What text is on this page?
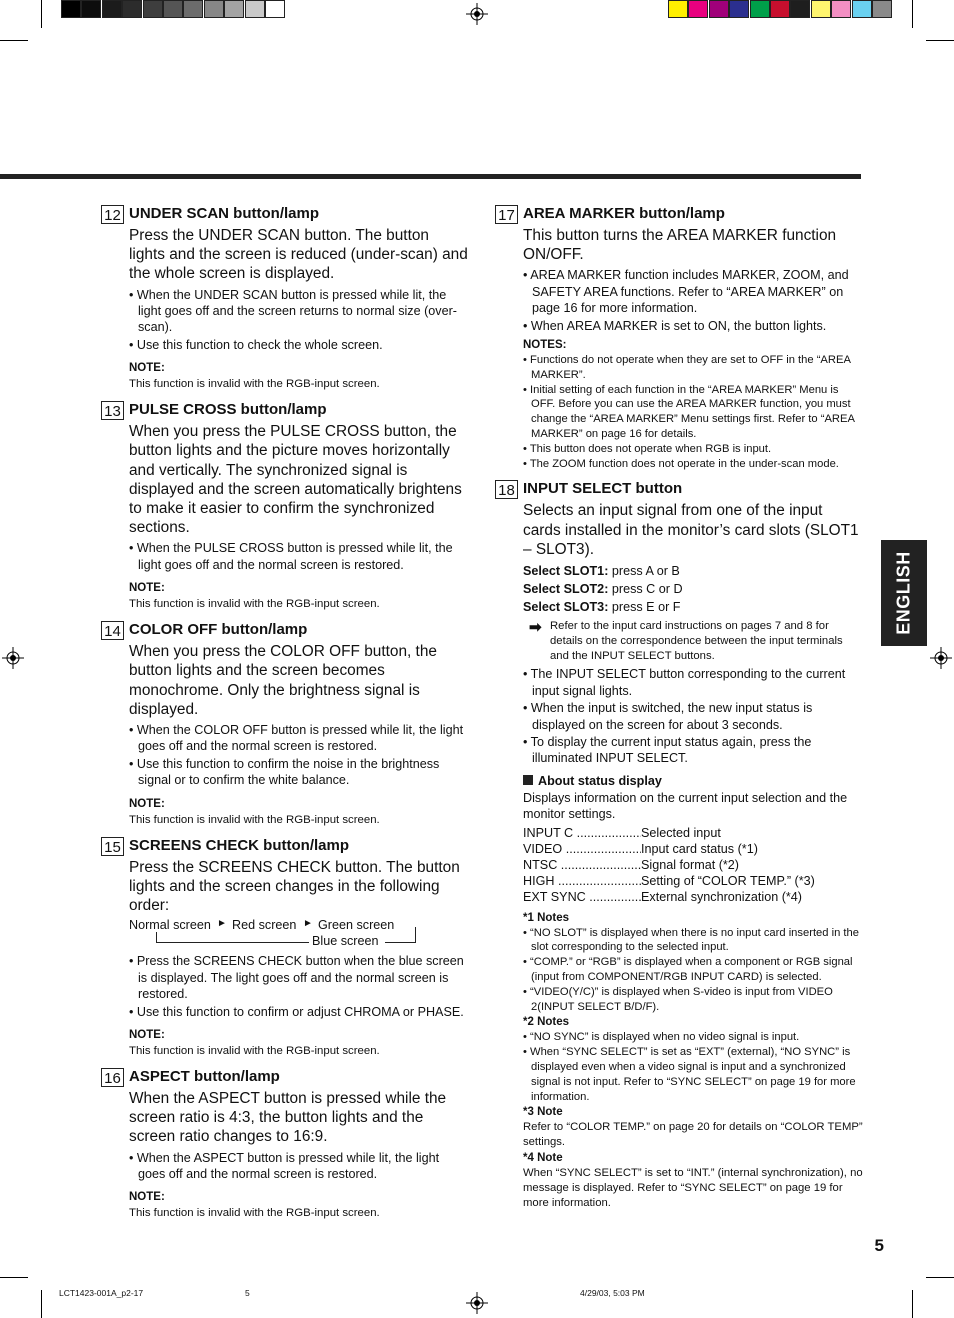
12 UNDER SCAN button/lamp

Press the UNDER SCAN button. The button lights and the screen is reduced (under-scan) and the whole screen is displayed.

• When the UNDER SCAN button is pressed while lit, the light goes off and the screen returns to normal size (over-scan).

• Use this function to check the whole screen.

NOTE:

This function is invalid with the RGB-input screen.

13 PULSE CROSS button/lamp

When you press the PULSE CROSS button, the button lights and the picture moves horizontally and vertically. The synchronized signal is displayed and the screen automatically brightens to make it easier to confirm the synchronized sections.

• When the PULSE CROSS button is pressed while lit, the light goes off and the normal screen is restored.

NOTE:

This function is invalid with the RGB-input screen.

14 COLOR OFF button/lamp

When you press the COLOR OFF button, the button lights and the screen becomes monochrome. Only the brightness signal is displayed.

• When the COLOR OFF button is pressed while lit, the light goes off and the normal screen is restored.

• Use this function to confirm the noise in the brightness signal or to confirm the white balance.

NOTE:

This function is invalid with the RGB-input screen.

15 SCREENS CHECK button/lamp

Press the SCREENS CHECK button. The button lights and the screen changes in the following order:

Normal screen ► Red screen ► Green screen
Blue screen

• Press the SCREENS CHECK button when the blue screen is displayed. The light goes off and the normal screen is restored.

• Use this function to confirm or adjust CHROMA or PHASE.

NOTE:

This function is invalid with the RGB-input screen.

16 ASPECT button/lamp

When the ASPECT button is pressed while the screen ratio is 4:3, the button lights and the screen ratio changes to 16:9.

• When the ASPECT button is pressed while lit, the light goes off and the normal screen is restored.

NOTE:

This function is invalid with the RGB-input screen.

17 AREA MARKER button/lamp

This button turns the AREA MARKER function ON/OFF.

• AREA MARKER function includes MARKER, ZOOM, and SAFETY AREA functions. Refer to “AREA MARKER” on page 16 for more information.

• When AREA MARKER is set to ON, the button lights.

NOTES:

• Functions do not operate when they are set to OFF in the “AREA MARKER”.

• Initial setting of each function in the “AREA MARKER” Menu is OFF. Before you can use the AREA MARKER function, you must change the “AREA MARKER” Menu settings first. Refer to “AREA MARKER” on page 16 for details.

• This button does not operate when RGB is input.

• The ZOOM function does not operate in the under-scan mode.

18 INPUT SELECT button

Selects an input signal from one of the input cards installed in the monitor’s card slots (SLOT1 – SLOT3).

Select SLOT1: press A or B

Select SLOT2: press C or D

Select SLOT3: press E or F

➡ Refer to the input card instructions on pages 7 and 8 for details on the correspondence between the input terminals and the INPUT SELECT buttons.

• The INPUT SELECT button corresponding to the current input signal lights.

• When the input is switched, the new input status is displayed on the screen for about 3 seconds.

• To display the current input status again, press the illuminated INPUT SELECT.

About status display

Displays information on the current input selection and the monitor settings.

INPUT C .....	Selected input
VIDEO .....	Input card status (*1)
NTSC .....	Signal format (*2)
HIGH .....	Setting of “COLOR TEMP.” (*3)
EXT SYNC .....	External synchronization (*4)

*1 Notes

• “NO SLOT” is displayed when there is no input card inserted in the slot corresponding to the selected input.

• “COMP.” or “RGB” is displayed when a component or RGB signal (input from COMPONENT/RGB INPUT CARD) is selected.

• “VIDEO(Y/C)” is displayed when S-video is input from VIDEO 2(INPUT SELECT B/D/F).

*2 Notes

• “NO SYNC” is displayed when no video signal is input.

• When “SYNC SELECT” is set as “EXT” (external), “NO SYNC” is displayed even when a video signal is input and a synchronized signal is not input. Refer to “SYNC SELECT” on page 19 for more information.

*3 Note

Refer to “COLOR TEMP.” on page 20 for details on “COLOR TEMP” settings.

*4 Note

When “SYNC SELECT” is set to “INT.” (internal synchronization), no message is displayed. Refer to “SYNC SELECT” on page 19 for more information.

ENGLISH
5
LCT1423-001A_p2-17	5	4/29/03, 5:03 PM
